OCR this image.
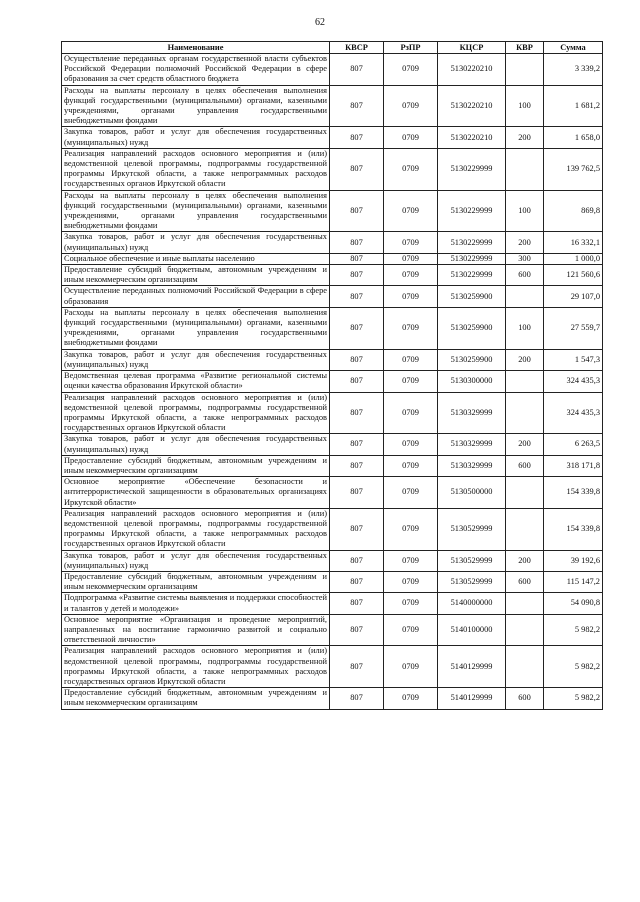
62
Наименование	КВСР	РзПР	КЦСР	КВР	Сумма
Осуществление переданных органам государственной власти субъектов Российской Федерации полномочий Российской Федерации в сфере образования за счет средств областного бюджета	807	0709	5130220210		3 339,2
Расходы на выплаты персоналу в целях обеспечения выполнения функций государственными (муниципальными) органами, казенными учреждениями, органами управления государственными внебюджетными фондами	807	0709	5130220210	100	1 681,2
Закупка товаров, работ и услуг для обеспечения государственных (муниципальных) нужд	807	0709	5130220210	200	1 658,0
Реализация направлений расходов основного мероприятия и (или) ведомственной целевой программы, подпрограммы государственной программы Иркутской области, а также непрограммных расходов государственных органов Иркутской области	807	0709	5130229999		139 762,5
Расходы на выплаты персоналу в целях обеспечения выполнения функций государственными (муниципальными) органами, казенными учреждениями, органами управления государственными внебюджетными фондами	807	0709	5130229999	100	869,8
Закупка товаров, работ и услуг для обеспечения государственных (муниципальных) нужд	807	0709	5130229999	200	16 332,1
Социальное обеспечение и иные выплаты населению	807	0709	5130229999	300	1 000,0
Предоставление субсидий бюджетным, автономным учреждениям и иным некоммерческим организациям	807	0709	5130229999	600	121 560,6
Осуществление переданных полномочий Российской Федерации в сфере образования	807	0709	5130259900		29 107,0
Расходы на выплаты персоналу в целях обеспечения выполнения функций государственными (муниципальными) органами, казенными учреждениями, органами управления государственными внебюджетными фондами	807	0709	5130259900	100	27 559,7
Закупка товаров, работ и услуг для обеспечения государственных (муниципальных) нужд	807	0709	5130259900	200	1 547,3
Ведомственная целевая программа «Развитие региональной системы оценки качества образования Иркутской области»	807	0709	5130300000		324 435,3
Реализация направлений расходов основного мероприятия и (или) ведомственной целевой программы, подпрограммы государственной программы Иркутской области, а также непрограммных расходов государственных органов Иркутской области	807	0709	5130329999		324 435,3
Закупка товаров, работ и услуг для обеспечения государственных (муниципальных) нужд	807	0709	5130329999	200	6 263,5
Предоставление субсидий бюджетным, автономным учреждениям и иным некоммерческим организациям	807	0709	5130329999	600	318 171,8
Основное мероприятие «Обеспечение безопасности и антитеррористической защищенности в образовательных организациях Иркутской области»	807	0709	5130500000		154 339,8
Реализация направлений расходов основного мероприятия и (или) ведомственной целевой программы, подпрограммы государственной программы Иркутской области, а также непрограммных расходов государственных органов Иркутской области	807	0709	5130529999		154 339,8
Закупка товаров, работ и услуг для обеспечения государственных (муниципальных) нужд	807	0709	5130529999	200	39 192,6
Предоставление субсидий бюджетным, автономным учреждениям и иным некоммерческим организациям	807	0709	5130529999	600	115 147,2
Подпрограмма «Развитие системы выявления и поддержки способностей и талантов у детей и молодежи»	807	0709	5140000000		54 090,8
Основное мероприятие «Организация и проведение мероприятий, направленных на воспитание гармонично развитой и социально ответственной личности»	807	0709	5140100000		5 982,2
Реализация направлений расходов основного мероприятия и (или) ведомственной целевой программы, подпрограммы государственной программы Иркутской области, а также непрограммных расходов государственных органов Иркутской области	807	0709	5140129999		5 982,2
Предоставление субсидий бюджетным, автономным учреждениям и иным некоммерческим организациям	807	0709	5140129999	600	5 982,2
